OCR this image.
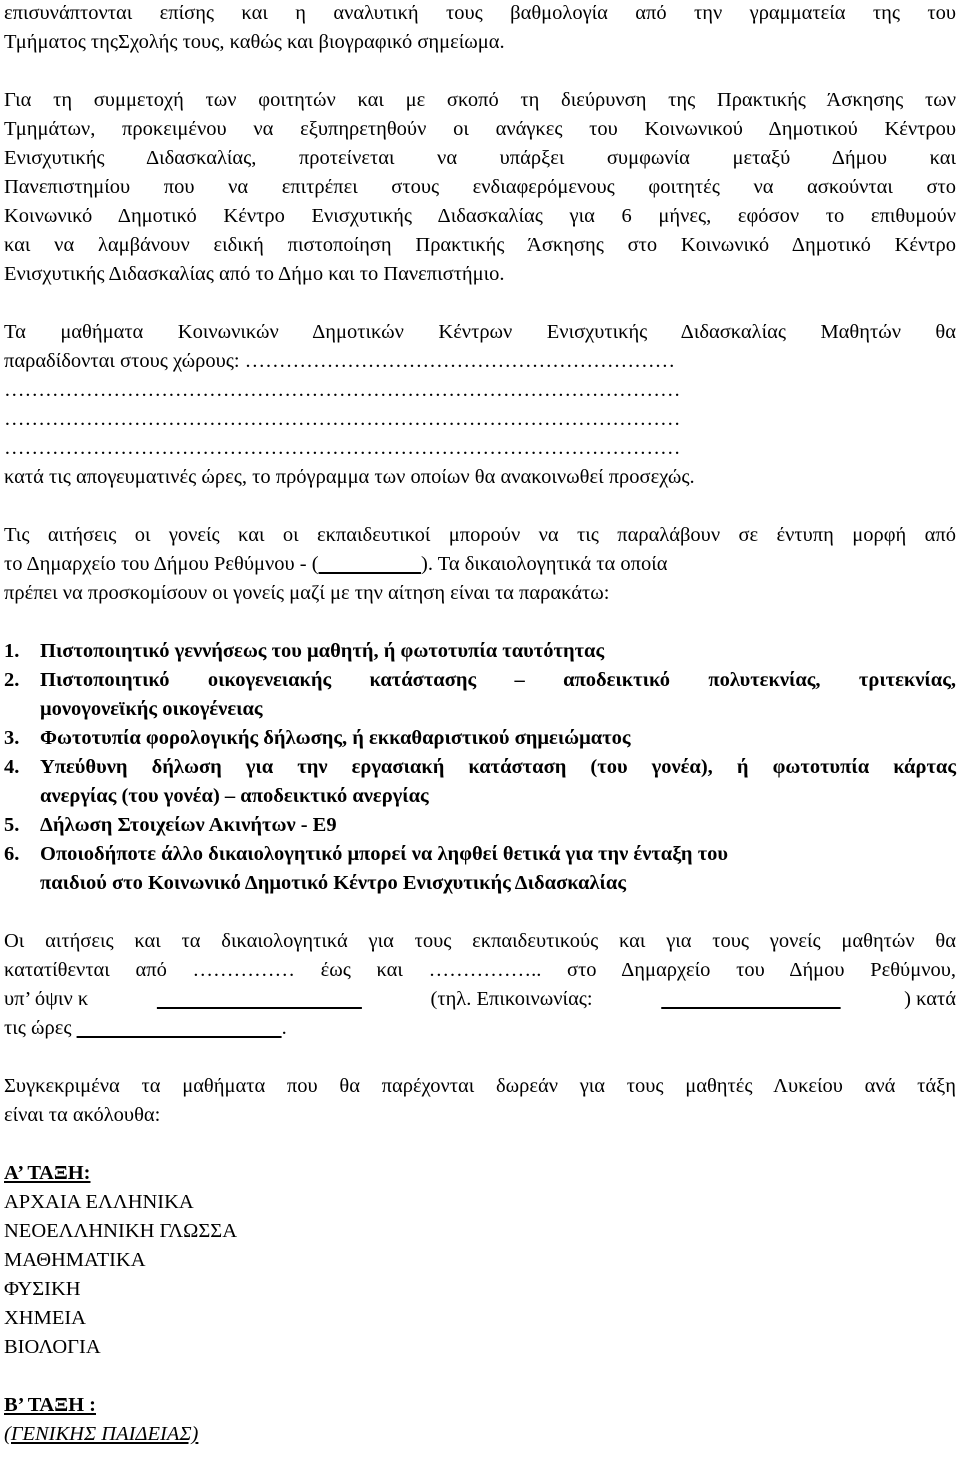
επισυνάπτονται επίσης και η αναλυτική τους βαθμολογία από την γραμματεία της του
Τμήματος τηςΣχολής τους, καθώς και βιογραφικό σημείωμα.
Για τη συμμετοχή των φοιτητών και με σκοπό τη διεύρυνση της Πρακτικής Άσκησης των
Τμημάτων, προκειμένου να εξυπηρετηθούν οι ανάγκες του Κοινωνικού Δημοτικού Κέντρου
Ενισχυτικής Διδασκαλίας, προτείνεται να υπάρξει συμφωνία μεταξύ Δήμου και
Πανεπιστημίου που να επιτρέπει στους ενδιαφερόμενους φοιτητές να ασκούνται στο
Κοινωνικό Δημοτικό Κέντρο Ενισχυτικής Διδασκαλίας για 6 μήνες, εφόσον το επιθυμούν
και να λαμβάνουν ειδική πιστοποίηση Πρακτικής Άσκησης στο Κοινωνικό Δημοτικό Κέντρο
Ενισχυτικής Διδασκαλίας από το Δήμο και το Πανεπιστήμιο.
Τα μαθήματα Κοινωνικών Δημοτικών Κέντρων Ενισχυτικής Διδασκαλίας Μαθητών θα
παραδίδονται στους χώρους: ………………………………………………………
………………………………………………………………………………………
………………………………………………………………………………………
………………………………………………………………………………………
κατά τις απογευματινές ώρες, το πρόγραμμα των οποίων θα ανακοινωθεί προσεχώς.
Τις αιτήσεις οι γονείς και οι εκπαιδευτικοί μπορούν να τις παραλάβουν σε έντυπη μορφή από
το Δημαρχείο του Δήμου Ρεθύμνου - (	). Τα δικαιολογητικά τα οποία
πρέπει να προσκομίσουν οι γονείς μαζί με την αίτηση είναι τα παρακάτω:
1. Πιστοποιητικό γεννήσεως του μαθητή, ή φωτοτυπία ταυτότητας
2. Πιστοποιητικό οικογενειακής κατάστασης – αποδεικτικό πολυτεκνίας, τριτεκνίας,
μονογονεϊκής οικογένειας
3. Φωτοτυπία φορολογικής δήλωσης, ή εκκαθαριστικού σημειώματος
4. Υπεύθυνη δήλωση για την εργασιακή κατάσταση (του γονέα), ή φωτοτυπία κάρτας
ανεργίας (του γονέα) – αποδεικτικό ανεργίας
5. Δήλωση Στοιχείων Ακινήτων - Ε9
6. Οποιοδήποτε άλλο δικαιολογητικό μπορεί να ληφθεί θετικά για την ένταξη του
παιδιού στο Κοινωνικό Δημοτικό Κέντρο Ενισχυτικής Διδασκαλίας
Οι αιτήσεις και τα δικαιολογητικά για τους εκπαιδευτικούς και για τους γονείς μαθητών θα
κατατίθενται από …………… έως και …………….. στο Δημαρχείο του Δήμου Ρεθύμνου,
υπ’ όψιν κ
	(τηλ. Επικοινωνίας:
	) κατά
τις ώρες	.
Συγκεκριμένα τα μαθήματα που θα παρέχονται δωρεάν για τους μαθητές Λυκείου ανά τάξη
είναι τα ακόλουθα:
Α’ ΤΑΞΗ:
ΑΡΧΑΙΑ ΕΛΛΗΝΙΚΑ
ΝΕΟΕΛΛΗΝΙΚΗ ΓΛΩΣΣΑ
ΜΑΘΗΜΑΤΙΚΑ
ΦΥΣΙΚΗ
ΧΗΜΕΙΑ
ΒΙΟΛΟΓΙΑ
Β’ ΤΑΞΗ :
(ΓΕΝΙΚΗΣ ΠΑΙΔΕΙΑΣ)
